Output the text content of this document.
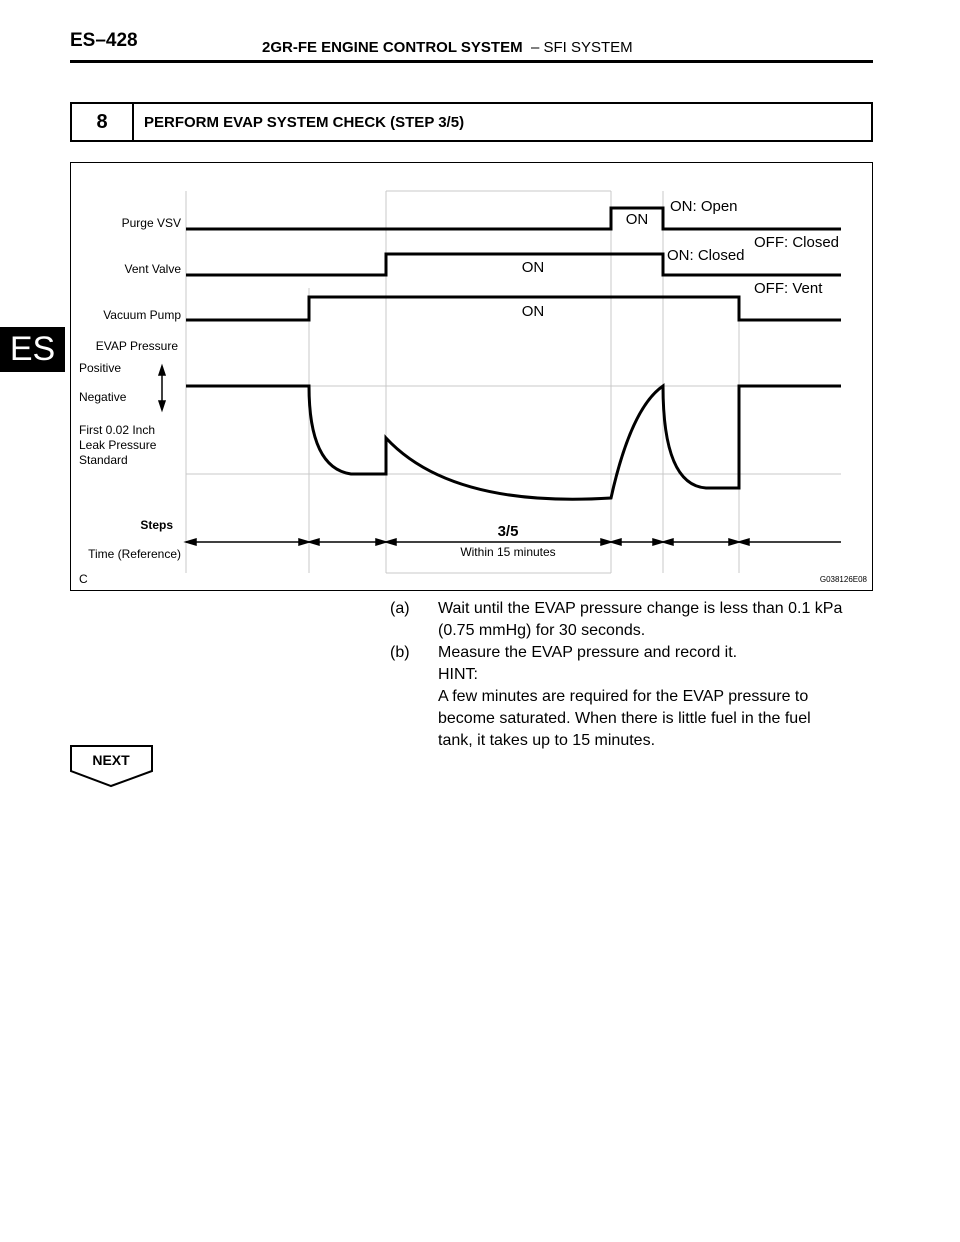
ES–428	2GR-FE ENGINE CONTROL SYSTEM – SFI SYSTEM
ES
8	PERFORM EVAP SYSTEM CHECK (STEP 3/5)
Purge VSV
Vent Valve
Vacuum Pump
EVAP Pressure
Positive
Negative
First 0.02 Inch
Leak Pressure
Standard
Steps
Time (Reference)
C	G038126E08
ON
ON
ON
ON: Open
OFF: Closed
ON: Closed
OFF: Vent
3/5
Within 15 minutes
(a)	Wait until the EVAP pressure change is less than 0.1 kPa

(0.75 mmHg) for 30 seconds.

(b)	Measure the EVAP pressure and record it.

HINT:

A few minutes are required for the EVAP pressure to

become saturated. When there is little fuel in the fuel

tank, it takes up to 15 minutes.

NEXT
